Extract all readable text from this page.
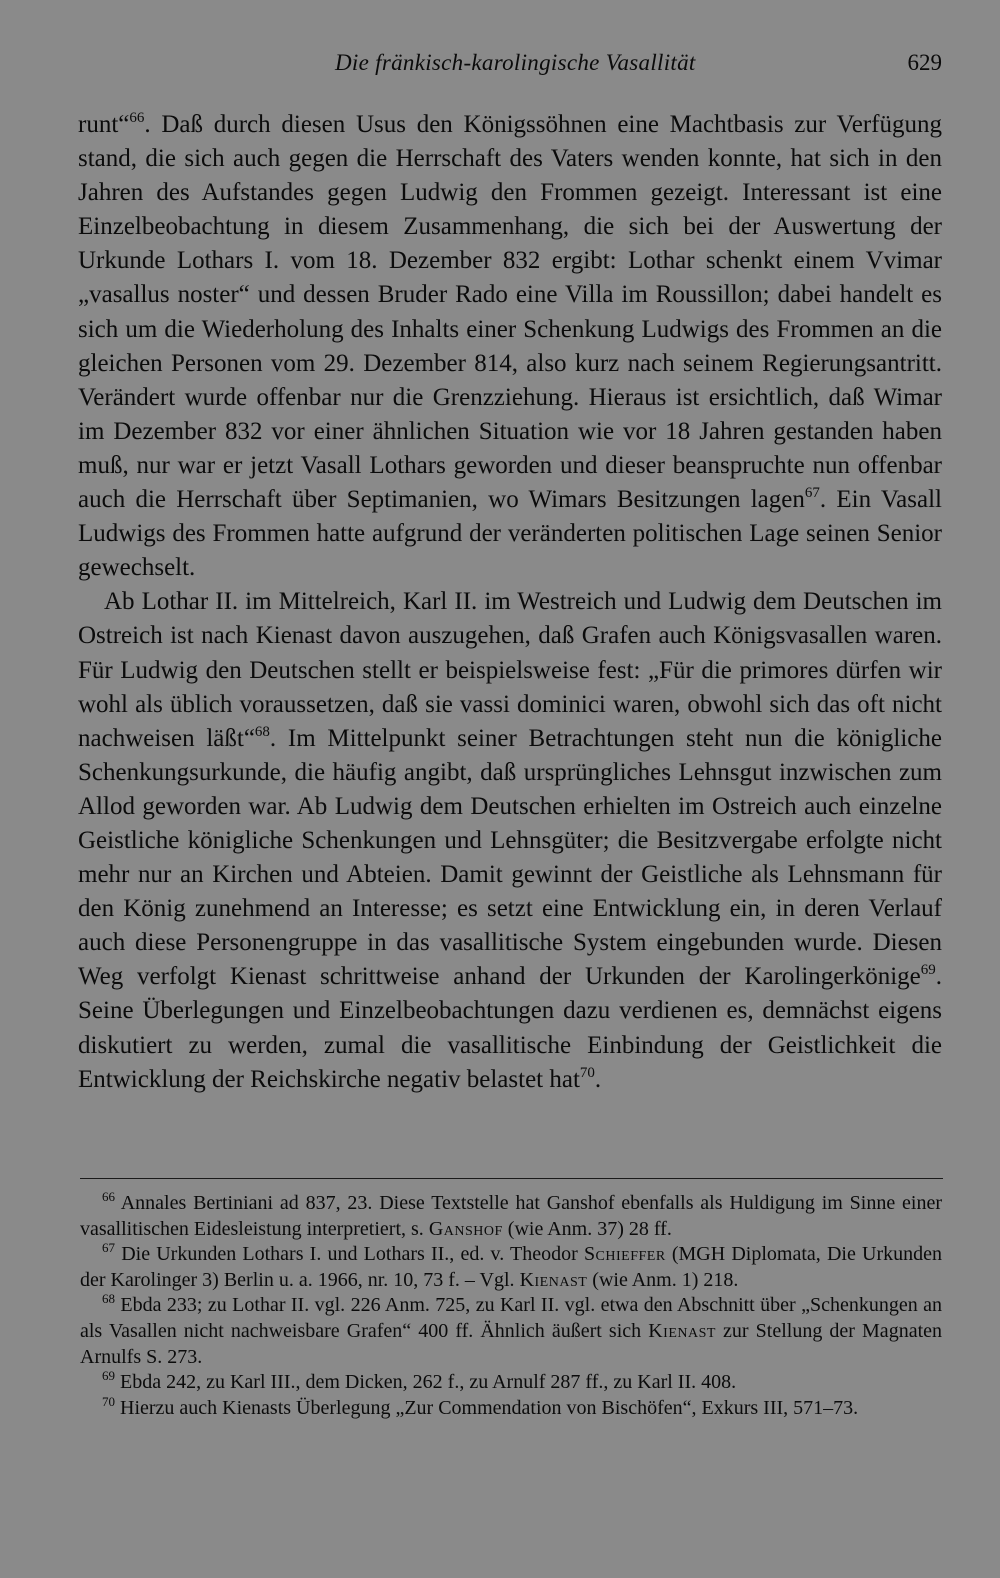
Die fränkisch-karolingische Vasallität	629

runt“$^{66}$. Daß durch diesen Usus den Königssöhnen eine Machtbasis zur Verfügung stand, die sich auch gegen die Herrschaft des Vaters wenden konnte, hat sich in den Jahren des Aufstandes gegen Ludwig den Frommen gezeigt. Interessant ist eine Einzelbeobachtung in diesem Zusammenhang, die sich bei der Auswertung der Urkunde Lothars I. vom 18. Dezember 832 ergibt: Lothar schenkt einem Vvimar „vasallus noster“ und dessen Bruder Rado eine Villa im Roussillon; dabei handelt es sich um die Wiederholung des Inhalts einer Schenkung Ludwigs des Frommen an die gleichen Personen vom 29. Dezember 814, also kurz nach seinem Regierungsantritt. Verändert wurde offenbar nur die Grenzziehung. Hieraus ist ersichtlich, daß Wimar im Dezember 832 vor einer ähnlichen Situation wie vor 18 Jahren gestanden haben muß, nur war er jetzt Vasall Lothars geworden und dieser beanspruchte nun offenbar auch die Herrschaft über Septimanien, wo Wimars Besitzungen lagen$^{67}$. Ein Vasall Ludwigs des Frommen hatte aufgrund der veränderten politischen Lage seinen Senior gewechselt.

Ab Lothar II. im Mittelreich, Karl II. im Westreich und Ludwig dem Deutschen im Ostreich ist nach Kienast davon auszugehen, daß Grafen auch Königsvasallen waren. Für Ludwig den Deutschen stellt er beispielsweise fest: „Für die primores dürfen wir wohl als üblich voraussetzen, daß sie vassi dominici waren, obwohl sich das oft nicht nachweisen läßt“$^{68}$. Im Mittelpunkt seiner Betrachtungen steht nun die königliche Schenkungsurkunde, die häufig angibt, daß ursprüngliches Lehnsgut inzwischen zum Allod geworden war. Ab Ludwig dem Deutschen erhielten im Ostreich auch einzelne Geistliche königliche Schenkungen und Lehnsgüter; die Besitzvergabe erfolgte nicht mehr nur an Kirchen und Abteien. Damit gewinnt der Geistliche als Lehnsmann für den König zunehmend an Interesse; es setzt eine Entwicklung ein, in deren Verlauf auch diese Personengruppe in das vasallitische System eingebunden wurde. Diesen Weg verfolgt Kienast schrittweise anhand der Urkunden der Karolingerkönige$^{69}$. Seine Überlegungen und Einzelbeobachtungen dazu verdienen es, demnächst eigens diskutiert zu werden, zumal die vasallitische Einbindung der Geistlichkeit die Entwicklung der Reichskirche negativ belastet hat$^{70}$.

$^{66}$ Annales Bertiniani ad 837, 23. Diese Textstelle hat Ganshof ebenfalls als Huldigung im Sinne einer vasallitischen Eidesleistung interpretiert, s. Ganshof (wie Anm. 37) 28 ff.

$^{67}$ Die Urkunden Lothars I. und Lothars II., ed. v. Theodor Schieffer (MGH Diplomata, Die Urkunden der Karolinger 3) Berlin u. a. 1966, nr. 10, 73 f. – Vgl. Kienast (wie Anm. 1) 218.

$^{68}$ Ebda 233; zu Lothar II. vgl. 226 Anm. 725, zu Karl II. vgl. etwa den Abschnitt über „Schenkungen an als Vasallen nicht nachweisbare Grafen“ 400 ff. Ähnlich äußert sich Kienast zur Stellung der Magnaten Arnulfs S. 273.

$^{69}$ Ebda 242, zu Karl III., dem Dicken, 262 f., zu Arnulf 287 ff., zu Karl II. 408.

$^{70}$ Hierzu auch Kienasts Überlegung „Zur Commendation von Bischöfen“, Exkurs III, 571–73.
